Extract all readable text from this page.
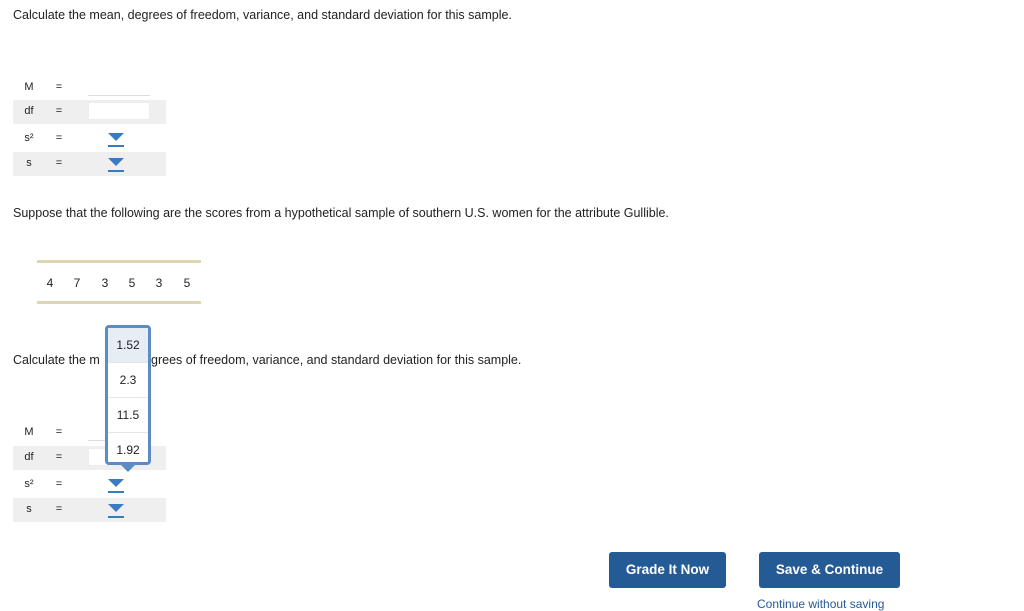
Calculate the mean, degrees of freedom, variance, and standard deviation for this sample.
M	=
df	=
s²	=
s	=
Suppose that the following are the scores from a hypothetical sample of southern U.S. women for the attribute Gullible.
4 7 3 5 3 5
Calculate the m	grees of freedom, variance, and standard deviation for this sample.
M	=
df	=
s²	=
s	=
1.52
2.3
11.5
1.92
Grade It Now	Save & Continue
Continue without saving
